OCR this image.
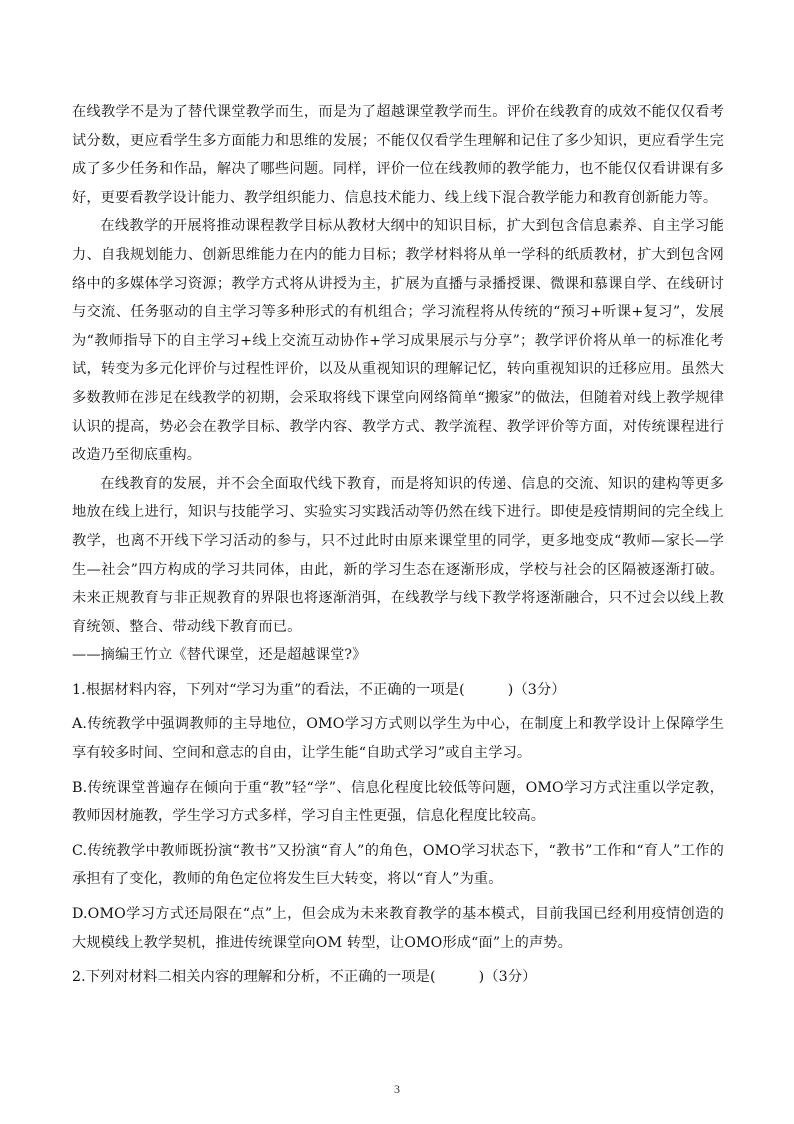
在线教学不是为了替代课堂教学而生，而是为了超越课堂教学而生。评价在线教育的成效不能仅仅看考试分数，更应看学生多方面能力和思维的发展；不能仅仅看学生理解和记住了多少知识，更应看学生完成了多少任务和作品，解决了哪些问题。同样，评价一位在线教师的教学能力，也不能仅仅看讲课有多好，更要看教学设计能力、教学组织能力、信息技术能力、线上线下混合教学能力和教育创新能力等。

在线教学的开展将推动课程教学目标从教材大纲中的知识目标，扩大到包含信息素养、自主学习能力、自我规划能力、创新思维能力在内的能力目标；教学材料将从单一学科的纸质教材，扩大到包含网络中的多媒体学习资源；教学方式将从讲授为主，扩展为直播与录播授课、微课和慕课自学、在线研讨与交流、任务驱动的自主学习等多种形式的有机组合；学习流程将从传统的“预习+听课+复习”，发展为“教师指导下的自主学习+线上交流互动协作+学习成果展示与分享”；教学评价将从单一的标准化考试，转变为多元化评价与过程性评价，以及从重视知识的理解记忆，转向重视知识的迁移应用。虽然大多数教师在涉足在线教学的初期，会采取将线下课堂向网络简单“搬家”的做法，但随着对线上教学规律认识的提高，势必会在教学目标、教学内容、教学方式、教学流程、教学评价等方面，对传统课程进行改造乃至彻底重构。

在线教育的发展，并不会全面取代线下教育，而是将知识的传递、信息的交流、知识的建构等更多地放在线上进行，知识与技能学习、实验实习实践活动等仍然在线下进行。即使是疫情期间的完全线上教学，也离不开线下学习活动的参与，只不过此时由原来课堂里的同学，更多地变成“教师—家长—学生—社会”四方构成的学习共同体，由此，新的学习生态在逐渐形成，学校与社会的区隔被逐渐打破。未来正规教育与非正规教育的界限也将逐渐消弭，在线教学与线下教学将逐渐融合，只不过会以线上教育统领、整合、带动线下教育而已。

——摘编王竹立《替代课堂，还是超越课堂?》

1.根据材料内容，下列对“学习为重”的看法，不正确的一项是(　　　)（3分）

A.传统教学中强调教师的主导地位，OMO学习方式则以学生为中心，在制度上和教学设计上保障学生享有较多时间、空间和意志的自由，让学生能“自助式学习”或自主学习。

B.传统课堂普遍存在倾向于重“教”轻“学”、信息化程度比较低等问题，OMO学习方式注重以学定教，教师因材施教，学生学习方式多样，学习自主性更强，信息化程度比较高。

C.传统教学中教师既扮演“教书”又扮演“育人”的角色，OMO学习状态下，“教书”工作和“育人”工作的承担有了变化，教师的角色定位将发生巨大转变，将以“育人”为重。

D.OMO学习方式还局限在“点”上，但会成为未来教育教学的基本模式，目前我国已经利用疫情创造的大规模线上教学契机，推进传统课堂向OM 转型，让OMO形成“面”上的声势。

2.下列对材料二相关内容的理解和分析，不正确的一项是(　　　)（3分）

3
